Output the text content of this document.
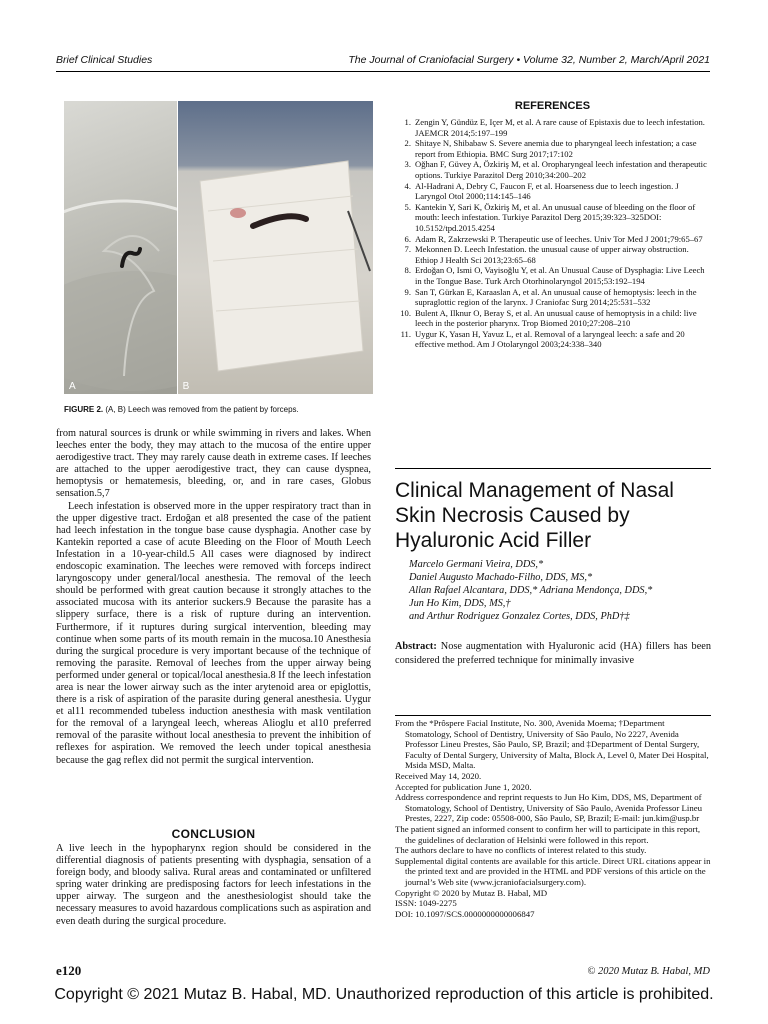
Brief Clinical Studies	The Journal of Craniofacial Surgery • Volume 32, Number 2, March/April 2021
A	B
FIGURE 2. (A, B) Leech was removed from the patient by forceps.

from natural sources is drunk or while swimming in rivers and lakes. When leeches enter the body, they may attach to the mucosa of the entire upper aerodigestive tract. They may rarely cause death in extreme cases. If leeches are attached to the upper aerodigestive tract, they can cause dyspnea, hemoptysis or hematemesis, bleeding, or, and in rare cases, Globus sensation.5,7

Leech infestation is observed more in the upper respiratory tract than in the upper digestive tract. Erdoğan et al8 presented the case of the patient had leech infestation in the tongue base cause dysphagia. Another case by Kantekin reported a case of acute Bleeding on the Floor of Mouth Leech Infestation in a 10-year-child.5 All cases were diagnosed by indirect endoscopic examination. The leeches were removed with forceps indirect laryngoscopy under general/local anesthesia. The removal of the leech should be performed with great caution because it strongly attaches to the associated mucosa with its anterior suckers.9 Because the parasite has a slippery surface, there is a risk of rupture during an intervention. Furthermore, if it ruptures during surgical intervention, bleeding may continue when some parts of its mouth remain in the mucosa.10 Anesthesia during the surgical procedure is very important because of the technique of removing the parasite. Removal of leeches from the upper airway being performed under general or topical/local anesthesia.8 If the leech infestation area is near the lower airway such as the inter arytenoid area or epiglottis, there is a risk of aspiration of the parasite during general anesthesia. Uygur et al11 recommended tubeless induction anesthesia with mask ventilation for the removal of a laryngeal leech, whereas Alioglu et al10 preferred removal of the parasite without local anesthesia to prevent the inhibition of reflexes for aspiration. We removed the leech under topical anesthesia because the gag reflex did not permit the surgical intervention.

CONCLUSION

A live leech in the hypopharynx region should be considered in the differential diagnosis of patients presenting with dysphagia, sensation of a foreign body, and bloody saliva. Rural areas and contaminated or unfiltered spring water drinking are predisposing factors for leech infestations in the upper airway. The surgeon and the anesthesiologist should take the necessary measures to avoid hazardous complications such as aspiration and even death during the surgical procedure.

REFERENCES
1. Zengin Y, Gündüz E, Içer M, et al. A rare cause of Epistaxis due to leech infestation. JAEMCR 2014;5:197–199
2. Shitaye N, Shibabaw S. Severe anemia due to pharyngeal leech infestation; a case report from Ethiopia. BMC Surg 2017;17:102
3. Oğhan F, Güvey A, Özkiriş M, et al. Oropharyngeal leech infestation and therapeutic options. Turkiye Parazitol Derg 2010;34:200–202
4. Al-Hadrani A, Debry C, Faucon F, et al. Hoarseness due to leech ingestion. J Laryngol Otol 2000;114:145–146
5. Kantekin Y, Sari K, Özkiriş M, et al. An unusual cause of bleeding on the floor of mouth: leech infestation. Turkiye Parazitol Derg 2015;39:323–325DOI: 10.5152/tpd.2015.4254
6. Adam R, Zakrzewski P. Therapeutic use of leeches. Univ Tor Med J 2001;79:65–67
7. Mekonnen D. Leech Infestation. the unusual cause of upper airway obstruction. Ethiop J Health Sci 2013;23:65–68
8. Erdoğan O, Ismi O, Vayisoğlu Y, et al. An Unusual Cause of Dysphagia: Live Leech in the Tongue Base. Turk Arch Otorhinolaryngol 2015;53:192–194
9. San T, Gürkan E, Karaaslan A, et al. An unusual cause of hemoptysis: leech in the supraglottic region of the larynx. J Craniofac Surg 2014;25:531–532
10. Bulent A, Ilknur O, Beray S, et al. An unusual cause of hemoptysis in a child: live leech in the posterior pharynx. Trop Biomed 2010;27:208–210
11. Uygur K, Yasan H, Yavuz L, et al. Removal of a laryngeal leech: a safe and 20 effective method. Am J Otolaryngol 2003;24:338–340
Clinical Management of Nasal Skin Necrosis Caused by Hyaluronic Acid Filler
Marcelo Germani Vieira, DDS,*
Daniel Augusto Machado-Filho, DDS, MS,*
Allan Rafael Alcantara, DDS,* Adriana Mendonça, DDS,*
Jun Ho Kim, DDS, MS,†
and Arthur Rodriguez Gonzalez Cortes, DDS, PhD†‡
Abstract: Nose augmentation with Hyaluronic acid (HA) fillers has been considered the preferred technique for minimally invasive
From the *Prôspere Facial Institute, No. 300, Avenida Moema; †Department Stomatology, School of Dentistry, University of São Paulo, No 2227, Avenida Professor Lineu Prestes, São Paulo, SP, Brazil; and ‡Department of Dental Surgery, Faculty of Dental Surgery, University of Malta, Block A, Level 0, Mater Dei Hospital, Msida MSD, Malta.
Received May 14, 2020.
Accepted for publication June 1, 2020.
Address correspondence and reprint requests to Jun Ho Kim, DDS, MS, Department of Stomatology, School of Dentistry, University of São Paulo, Avenida Professor Lineu Prestes, 2227, Zip code: 05508-000, São Paulo, SP, Brazil; E-mail: jun.kim@usp.br
The patient signed an informed consent to confirm her will to participate in this report, the guidelines of declaration of Helsinki were followed in this report.
The authors declare to have no conflicts of interest related to this study.
Supplemental digital contents are available for this article. Direct URL citations appear in the printed text and are provided in the HTML and PDF versions of this article on the journal’s Web site (www.jcraniofacialsurgery.com).
Copyright © 2020 by Mutaz B. Habal, MD
ISSN: 1049-2275
DOI: 10.1097/SCS.0000000000006847
e120	© 2020 Mutaz B. Habal, MD
Copyright © 2021 Mutaz B. Habal, MD. Unauthorized reproduction of this article is prohibited.
